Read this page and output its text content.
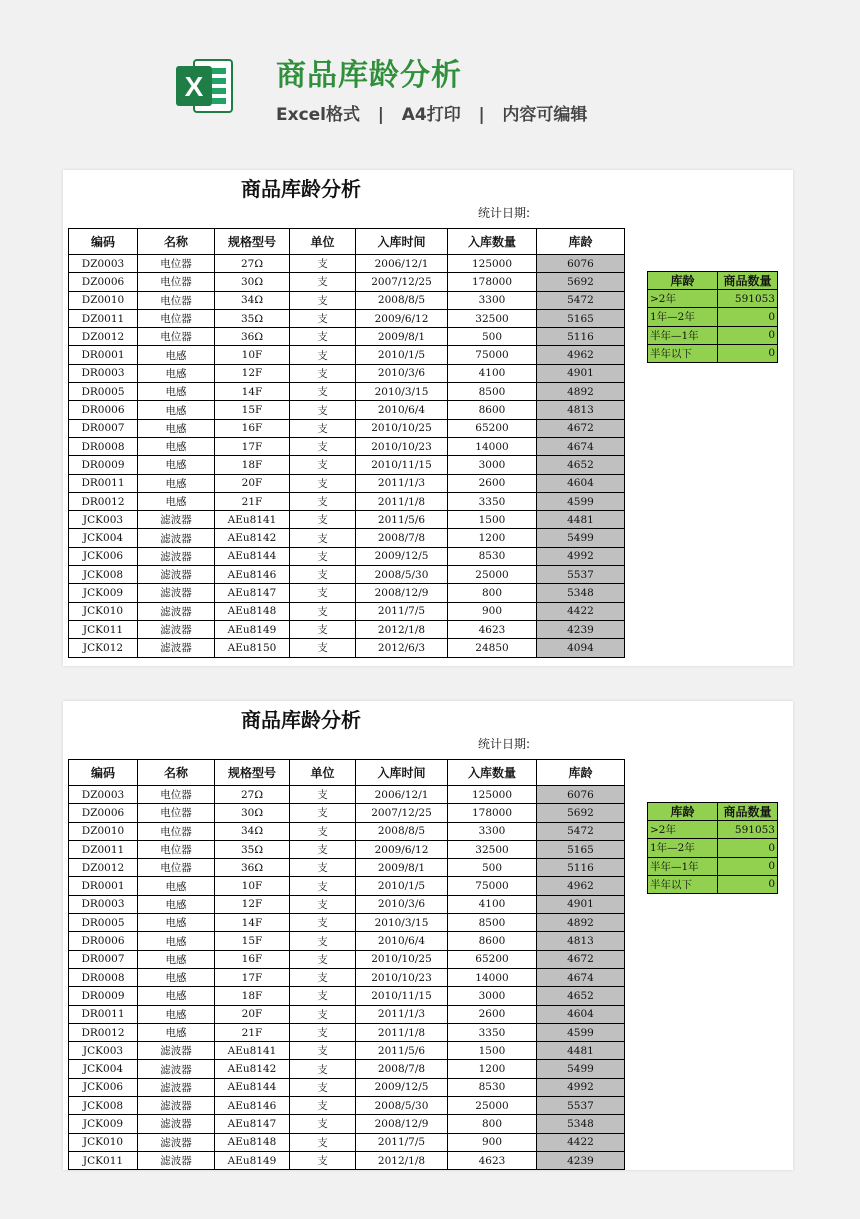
X 商品库龄分析
Excel格式   |   A4打印   |   内容可编辑
商品库龄分析
统计日期:
编码	名称	规格型号	单位	入库时间	入库数量	库龄
DZ0003	电位器	27Ω	支	2006/12/1	125000	6076
DZ0006	电位器	30Ω	支	2007/12/25	178000	5692
DZ0010	电位器	34Ω	支	2008/8/5	3300	5472
DZ0011	电位器	35Ω	支	2009/6/12	32500	5165
DZ0012	电位器	36Ω	支	2009/8/1	500	5116
DR0001	电感	10F	支	2010/1/5	75000	4962
DR0003	电感	12F	支	2010/3/6	4100	4901
DR0005	电感	14F	支	2010/3/15	8500	4892
DR0006	电感	15F	支	2010/6/4	8600	4813
DR0007	电感	16F	支	2010/10/25	65200	4672
DR0008	电感	17F	支	2010/10/23	14000	4674
DR0009	电感	18F	支	2010/11/15	3000	4652
DR0011	电感	20F	支	2011/1/3	2600	4604
DR0012	电感	21F	支	2011/1/8	3350	4599
JCK003	滤波器	AEu8141	支	2011/5/6	1500	4481
JCK004	滤波器	AEu8142	支	2008/7/8	1200	5499
JCK006	滤波器	AEu8144	支	2009/12/5	8530	4992
JCK008	滤波器	AEu8146	支	2008/5/30	25000	5537
JCK009	滤波器	AEu8147	支	2008/12/9	800	5348
JCK010	滤波器	AEu8148	支	2011/7/5	900	4422
JCK011	滤波器	AEu8149	支	2012/1/8	4623	4239
JCK012	滤波器	AEu8150	支	2012/6/3	24850	4094
库龄	商品数量
>2年	591053
1年—2年	0
半年—1年	0
半年以下	0
商品库龄分析
统计日期:
编码	名称	规格型号	单位	入库时间	入库数量	库龄
DZ0003	电位器	27Ω	支	2006/12/1	125000	6076
DZ0006	电位器	30Ω	支	2007/12/25	178000	5692
DZ0010	电位器	34Ω	支	2008/8/5	3300	5472
DZ0011	电位器	35Ω	支	2009/6/12	32500	5165
DZ0012	电位器	36Ω	支	2009/8/1	500	5116
DR0001	电感	10F	支	2010/1/5	75000	4962
DR0003	电感	12F	支	2010/3/6	4100	4901
DR0005	电感	14F	支	2010/3/15	8500	4892
DR0006	电感	15F	支	2010/6/4	8600	4813
DR0007	电感	16F	支	2010/10/25	65200	4672
DR0008	电感	17F	支	2010/10/23	14000	4674
DR0009	电感	18F	支	2010/11/15	3000	4652
DR0011	电感	20F	支	2011/1/3	2600	4604
DR0012	电感	21F	支	2011/1/8	3350	4599
JCK003	滤波器	AEu8141	支	2011/5/6	1500	4481
JCK004	滤波器	AEu8142	支	2008/7/8	1200	5499
JCK006	滤波器	AEu8144	支	2009/12/5	8530	4992
JCK008	滤波器	AEu8146	支	2008/5/30	25000	5537
JCK009	滤波器	AEu8147	支	2008/12/9	800	5348
JCK010	滤波器	AEu8148	支	2011/7/5	900	4422
JCK011	滤波器	AEu8149	支	2012/1/8	4623	4239
库龄	商品数量
>2年	591053
1年—2年	0
半年—1年	0
半年以下	0
